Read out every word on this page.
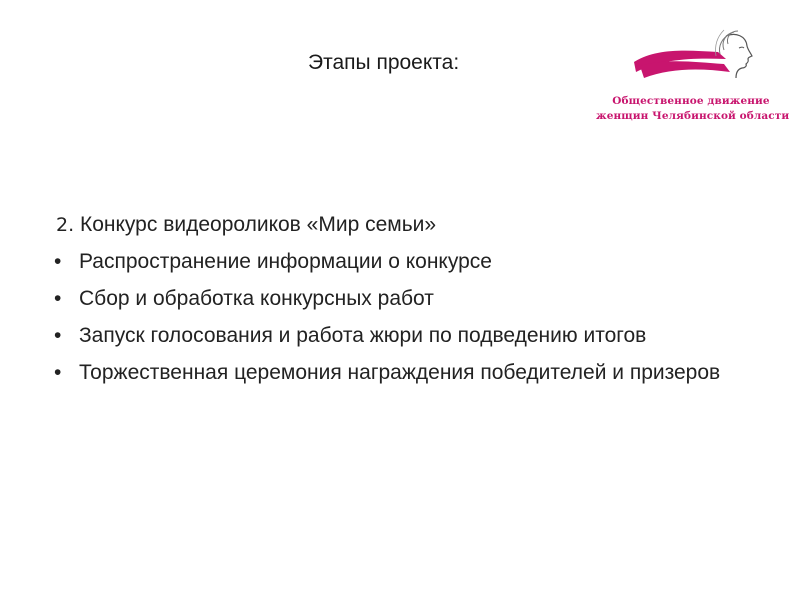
Этапы проекта:
Общественное движение
женщин Челябинской области
2. Конкурс видеороликов «Мир семьи»
• Распространение информации о конкурсе
• Сбор и обработка конкурсных работ
• Запуск голосования и работа жюри по подведению итогов
• Торжественная церемония награждения победителей и призеров
